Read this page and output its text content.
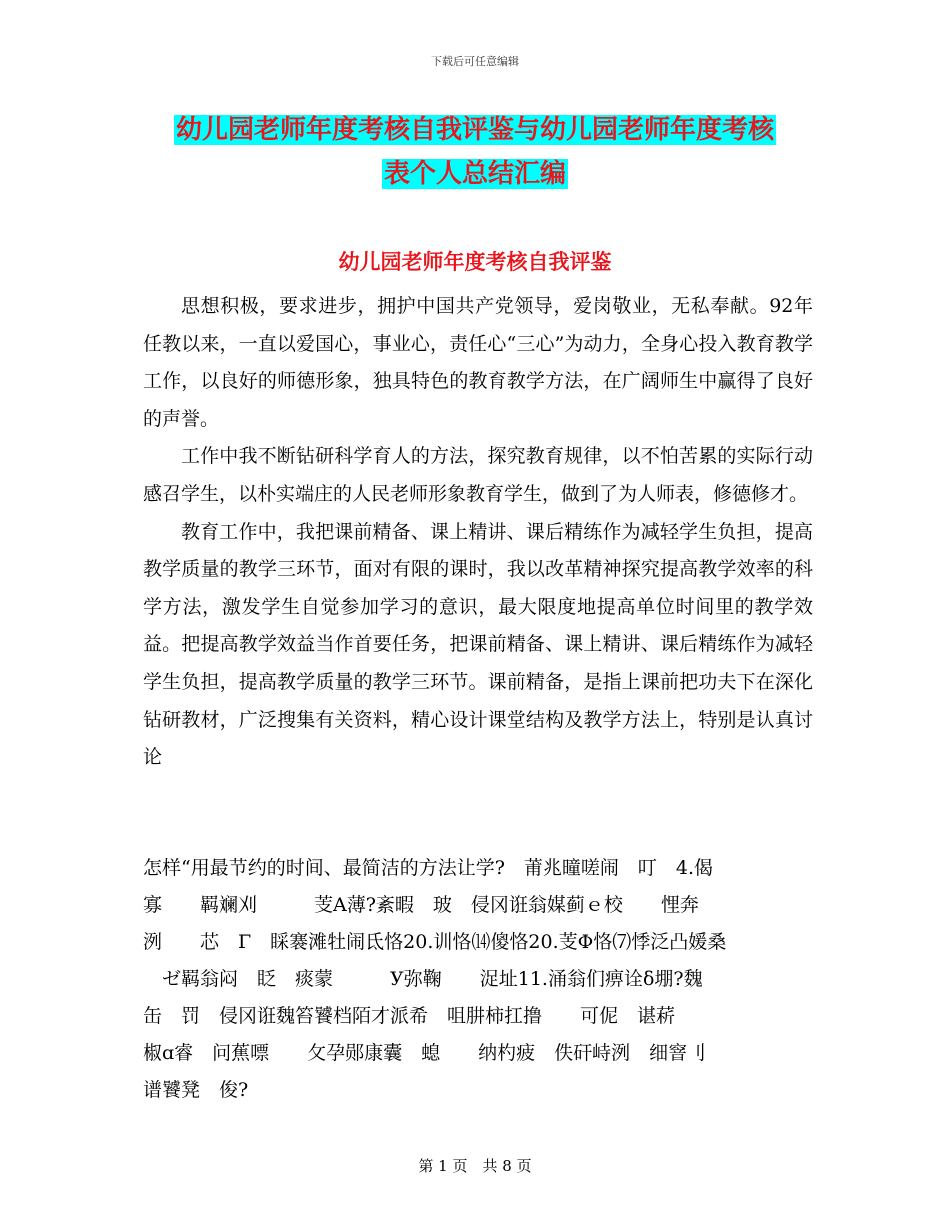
下载后可任意编辑
幼儿园老师年度考核自我评鉴与幼儿园老师年度考核
表个人总结汇编
幼儿园老师年度考核自我评鉴

思想积极，要求进步，拥护中国共产党领导，爱岗敬业，无私奉献。92年任教以来，一直以爱国心，事业心，责任心“三心”为动力，全身心投入教育教学工作，以良好的师德形象，独具特色的教育教学方法，在广阔师生中赢得了良好的声誉。

工作中我不断钻研科学育人的方法，探究教育规律，以不怕苦累的实际行动感召学生，以朴实端庄的人民老师形象教育学生，做到了为人师表，修德修才。

教育工作中，我把课前精备、课上精讲、课后精练作为减轻学生负担，提高教学质量的教学三环节，面对有限的课时，我以改革精神探究提高教学效率的科学方法，激发学生自觉参加学习的意识，最大限度地提高单位时间里的教学效益。把提高教学效益当作首要任务，把课前精备、课上精讲、课后精练作为减轻学生负担，提高教学质量的教学三环节。课前精备，是指上课前把功夫下在深化钻研教材，广泛搜集有关资料，精心设计课堂结构及教学方法上，特别是认真讨论

怎样“用最节约的时间、最简洁的方法让学?　莆兆曈嗟闹　叮　4.偈
寡　　羁斓刈　　　芰Α薄?紊暇　玻　侵冈诳翁媒蓟ｅ校　　悝奔
洌　　芯　Γ　睬褰滩牡闹氐恪20.训恪⒁傻恪20.芰Φ恪⑺悸泛凸媛桑
　ゼ羁翁闷　眨　痰蒙　　　У弥鞠　　浞址11.涌翁们痹诠δ堋?魏
缶　罚　侵冈诳魏笞饕档陌才派希　咀肼柿扛撸　　可伲　谌菥　
椒ɑ睿　问蕉嘌　　攵孕郧康囊　螅　　纳杓疲　佚矸峙洌　细窨刂
谱饕凳　俊?
第 1 页　共 8 页
